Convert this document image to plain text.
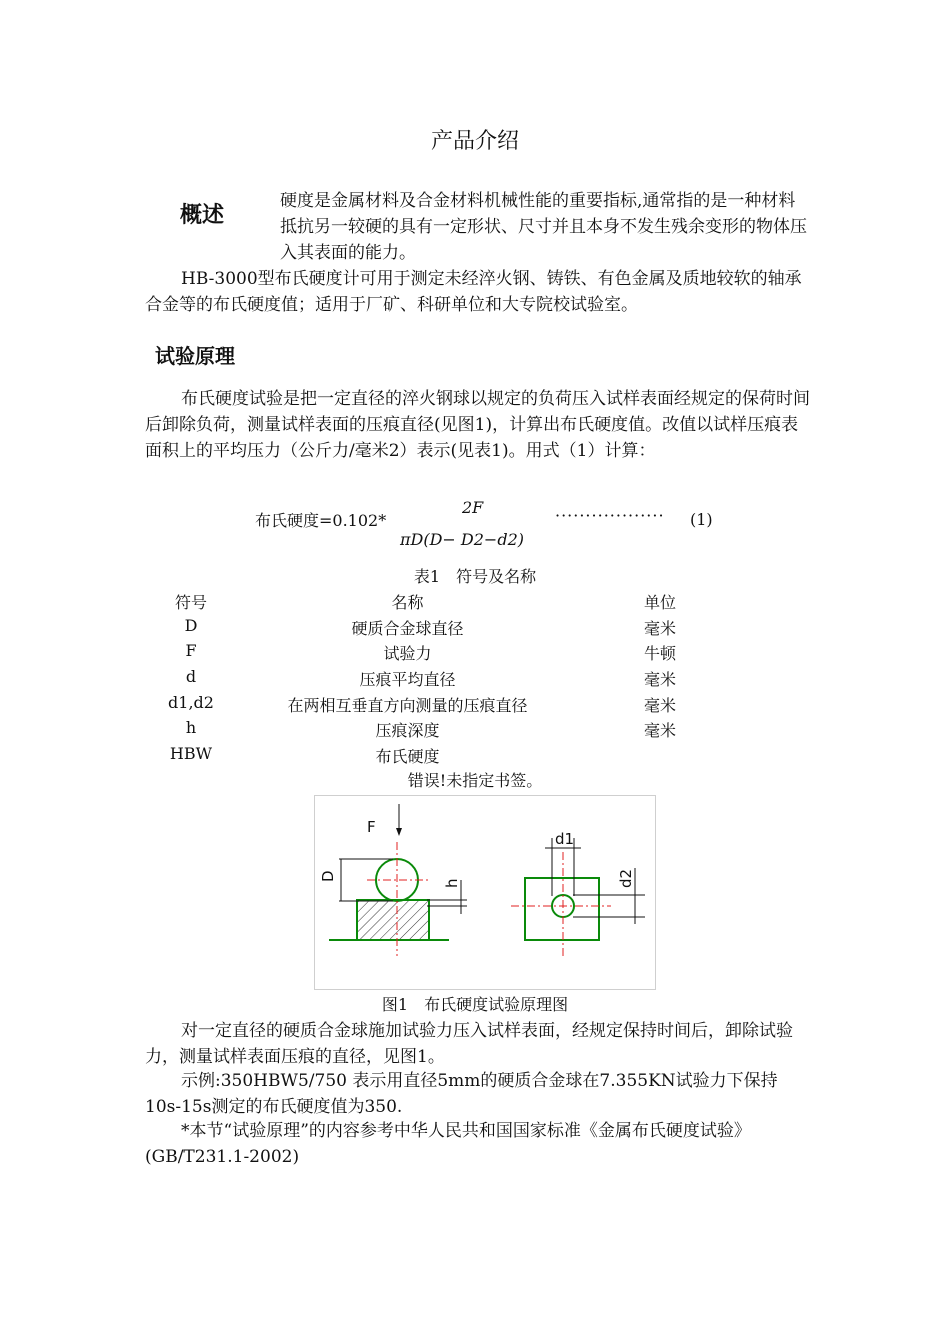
产品介绍
概述
硬度是金属材料及合金材料机械性能的重要指标,通常指的是一种材料抵抗另一较硬的具有一定形状、尺寸并且本身不发生残余变形的物体压入其表面的能力。
HB-3000型布氏硬度计可用于测定未经淬火钢、铸铁、有色金属及质地较软的轴承合金等的布氏硬度值；适用于厂矿、科研单位和大专院校试验室。
试验原理
布氏硬度试验是把一定直径的淬火钢球以规定的负荷压入试样表面经规定的保荷时间后卸除负荷，测量试样表面的压痕直径(见图1)，计算出布氏硬度值。改值以试样压痕表面积上的平均压力（公斤力/毫米2）表示(见表1)。用式（1）计算：
布氏硬度=0.102*
2F
πD(D− D2−d2)
·················· (1)
表1　符号及名称
符号	名称	单位
D	硬质合金球直径	毫米
F	试验力	牛顿
d	压痕平均直径	毫米
d1,d2	在两相互垂直方向测量的压痕直径	毫米
h	压痕深度	毫米
HBW	布氏硬度
错误!未指定书签。
F
D
h
d1
d2
图1　布氏硬度试验原理图
对一定直径的硬质合金球施加试验力压入试样表面，经规定保持时间后，卸除试验力，测量试样表面压痕的直径，见图1。
示例:350HBW5/750 表示用直径5mm的硬质合金球在7.355KN试验力下保持10s-15s测定的布氏硬度值为350.
*本节“试验原理”的内容参考中华人民共和国国家标准《金属布氏硬度试验》(GB/T231.1-2002)
